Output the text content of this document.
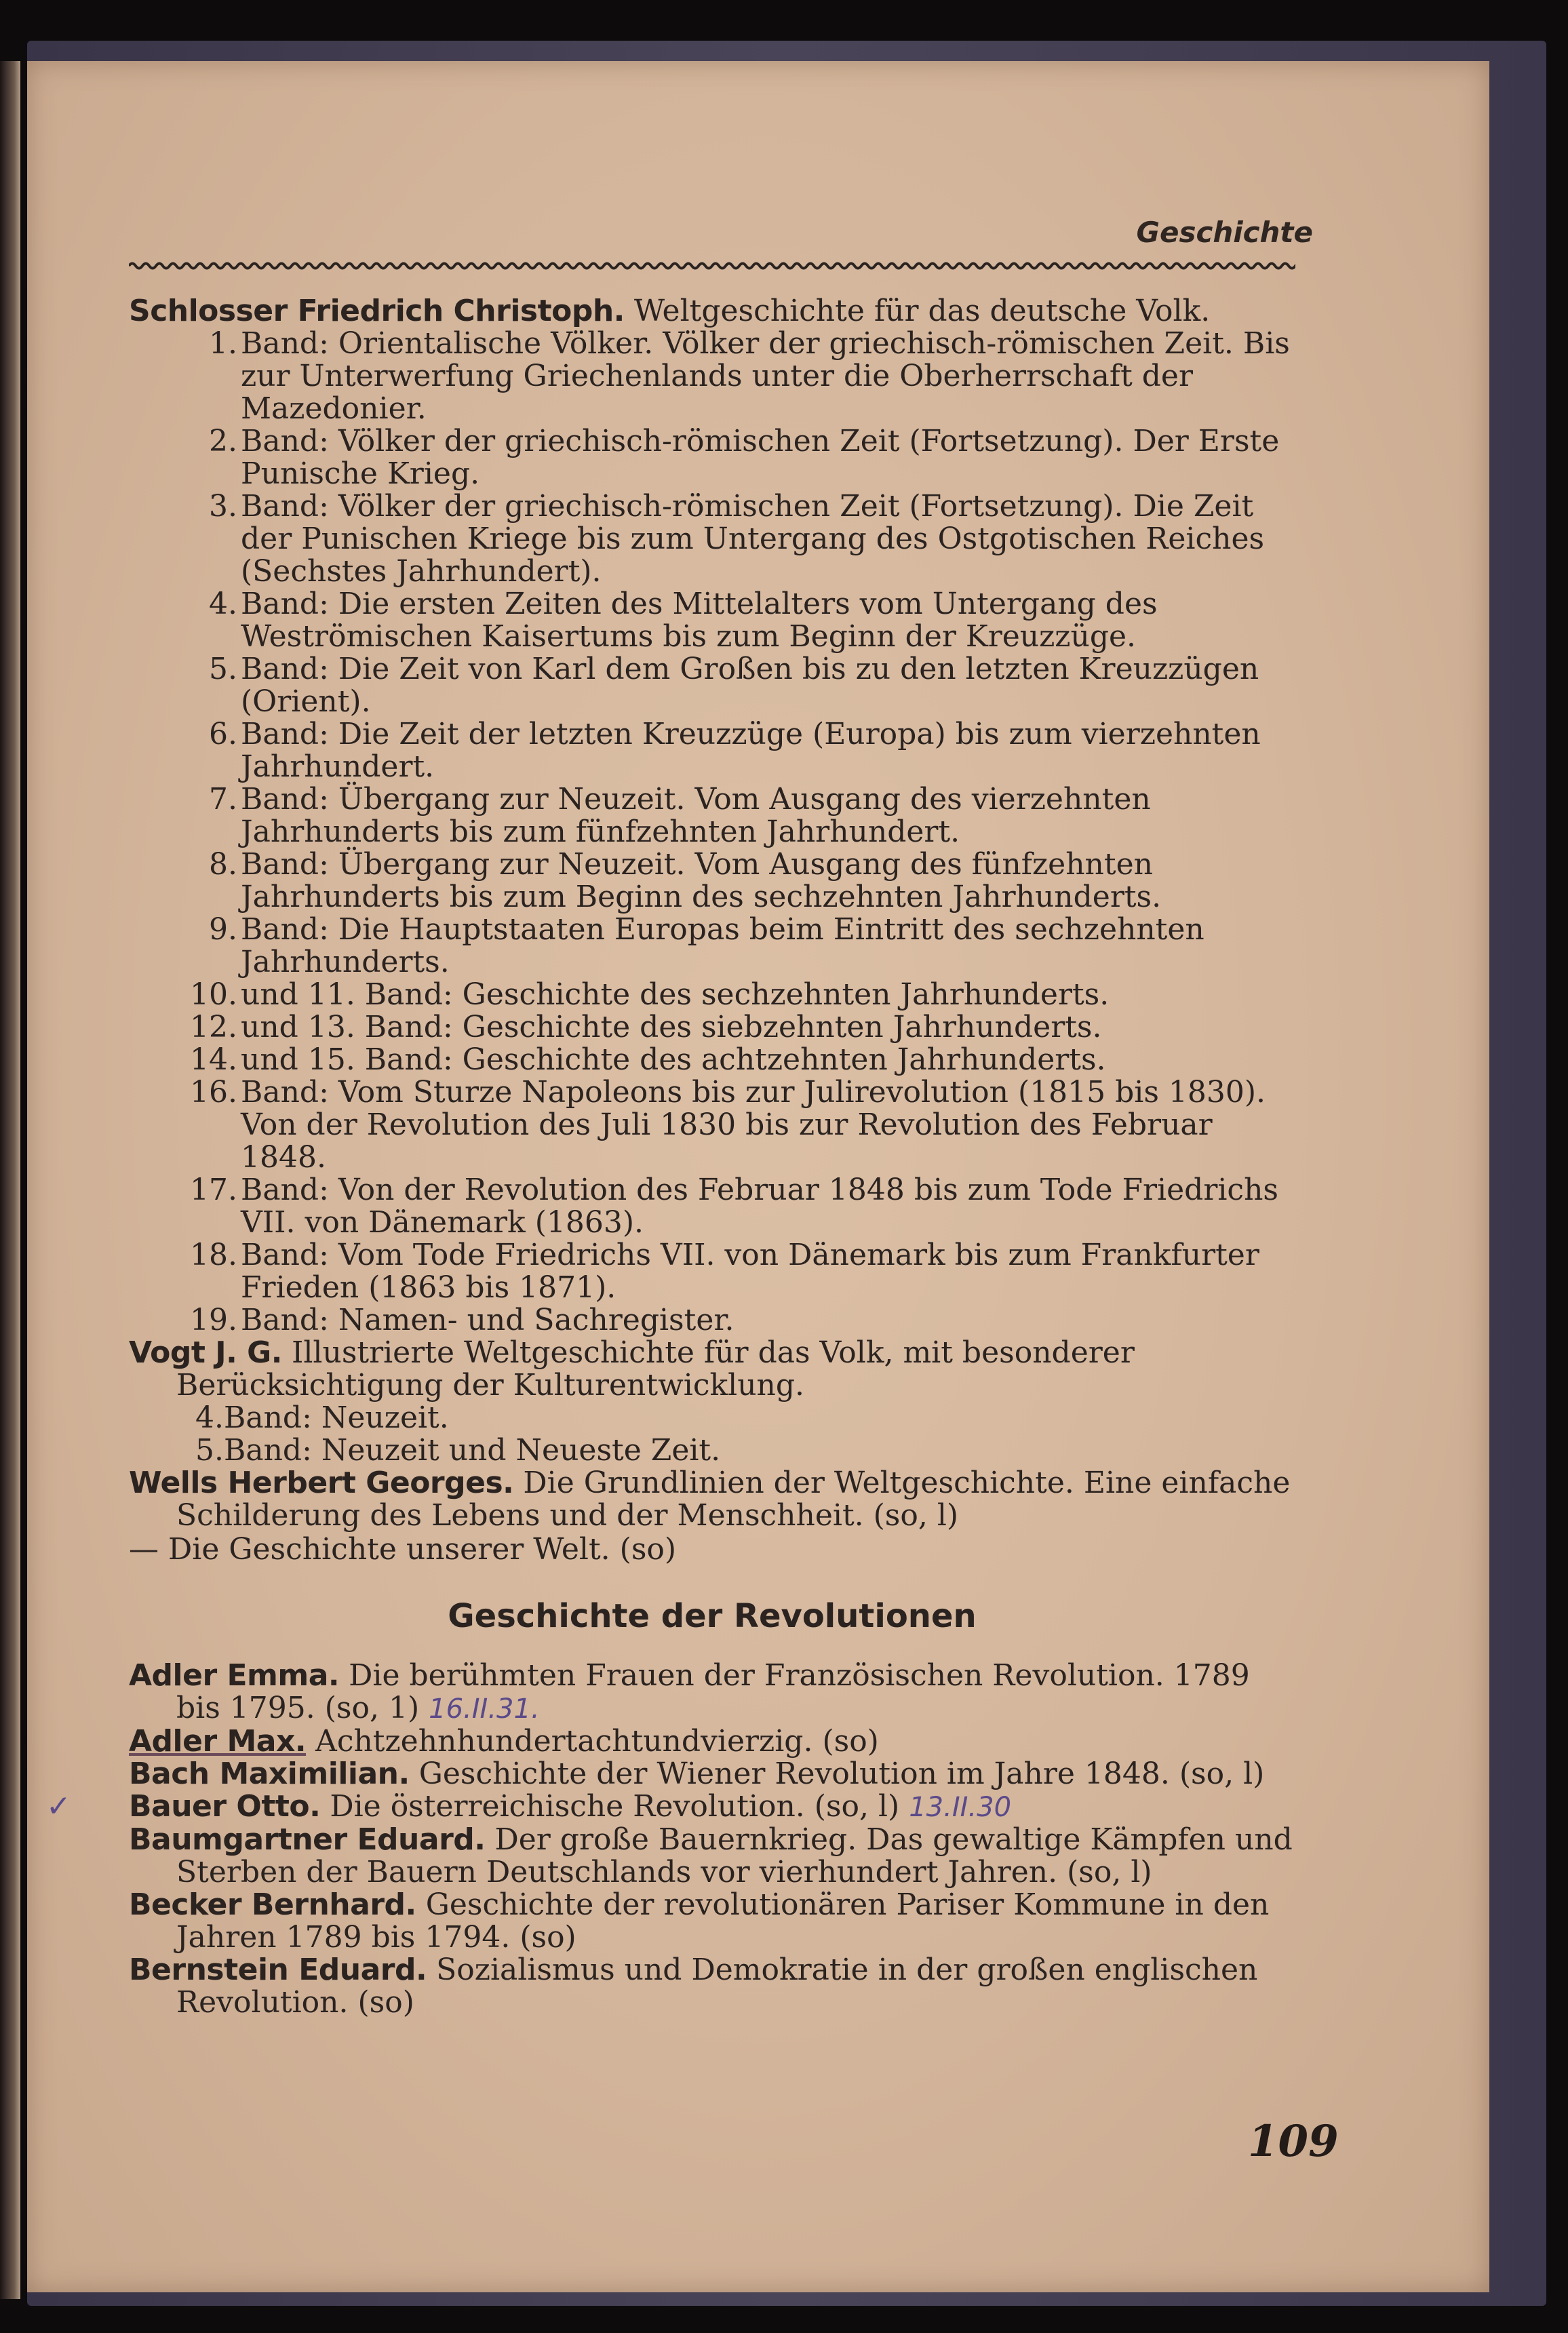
Geschichte
Schlosser Friedrich Christoph. Weltgeschichte für das deutsche Volk.
1. Band: Orientalische Völker. Völker der griechisch-römischen Zeit. Bis zur Unterwerfung Griechenlands unter die Oberherrschaft der Mazedonier.
2. Band: Völker der griechisch-römischen Zeit (Fortsetzung). Der Erste Punische Krieg.
3. Band: Völker der griechisch-römischen Zeit (Fortsetzung). Die Zeit der Punischen Kriege bis zum Untergang des Ostgotischen Reiches (Sechstes Jahrhundert).
4. Band: Die ersten Zeiten des Mittelalters vom Untergang des Weströmischen Kaisertums bis zum Beginn der Kreuzzüge.
5. Band: Die Zeit von Karl dem Großen bis zu den letzten Kreuzzügen (Orient).
6. Band: Die Zeit der letzten Kreuzzüge (Europa) bis zum vierzehnten Jahrhundert.
7. Band: Übergang zur Neuzeit. Vom Ausgang des vierzehnten Jahrhunderts bis zum fünfzehnten Jahrhundert.
8. Band: Übergang zur Neuzeit. Vom Ausgang des fünfzehnten Jahrhunderts bis zum Beginn des sechzehnten Jahrhunderts.
9. Band: Die Hauptstaaten Europas beim Eintritt des sechzehnten Jahrhunderts.
10. und 11. Band: Geschichte des sechzehnten Jahrhunderts.
12. und 13. Band: Geschichte des siebzehnten Jahrhunderts.
14. und 15. Band: Geschichte des achtzehnten Jahrhunderts.
16. Band: Vom Sturze Napoleons bis zur Julirevolution (1815 bis 1830). Von der Revolution des Juli 1830 bis zur Revolution des Februar 1848.
17. Band: Von der Revolution des Februar 1848 bis zum Tode Friedrichs VII. von Dänemark (1863).
18. Band: Vom Tode Friedrichs VII. von Dänemark bis zum Frankfurter Frieden (1863 bis 1871).
19. Band: Namen- und Sachregister.
Vogt J. G. Illustrierte Weltgeschichte für das Volk, mit besonderer Berücksichtigung der Kulturentwicklung.
4. Band: Neuzeit.
5. Band: Neuzeit und Neueste Zeit.
Wells Herbert Georges. Die Grundlinien der Weltgeschichte. Eine einfache Schilderung des Lebens und der Menschheit. (so, l)
— Die Geschichte unserer Welt. (so)
Geschichte der Revolutionen
Adler Emma. Die berühmten Frauen der Französischen Revolution. 1789 bis 1795. (so, 1) 16.II.31.
Adler Max. Achtzehnhundertachtundvierzig. (so)
Bach Maximilian. Geschichte der Wiener Revolution im Jahre 1848. (so, l)
✓	Bauer Otto. Die österreichische Revolution. (so, l) 13.II.30
Baumgartner Eduard. Der große Bauernkrieg. Das gewaltige Kämpfen und Sterben der Bauern Deutschlands vor vierhundert Jahren. (so, l)
Becker Bernhard. Geschichte der revolutionären Pariser Kommune in den Jahren 1789 bis 1794. (so)
Bernstein Eduard. Sozialismus und Demokratie in der großen englischen Revolution. (so)
109
